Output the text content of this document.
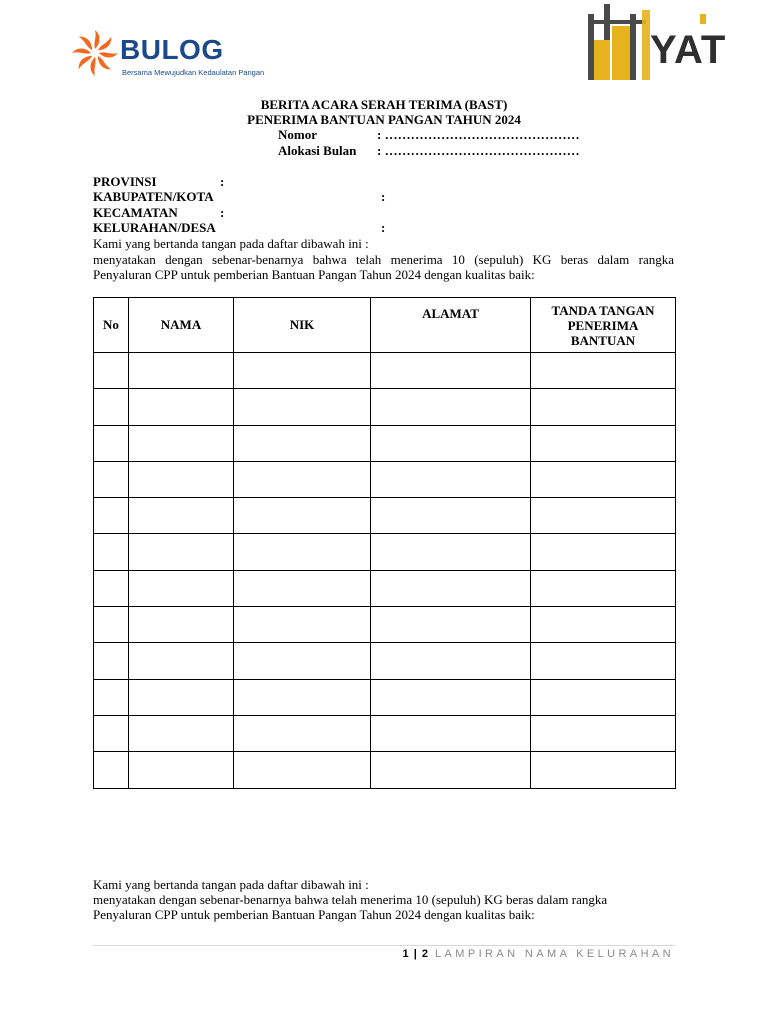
BULOG
Bersama Mewujudkan Kedaulatan Pangan
YAT
BERITA ACARA SERAH TERIMA (BAST)
PENERIMA BANTUAN PANGAN TAHUN 2024
Nomor	: ………………………………………
Alokasi Bulan : ………………………………………
PROVINSI	:
KABUPATEN/KOTA	:
KECAMATAN	:
KELURAHAN/DESA	:
Kami yang bertanda tangan pada daftar dibawah ini :
menyatakan dengan sebenar-benarnya bahwa telah menerima 10 (sepuluh) KG beras dalam rangka
Penyaluran CPP untuk pemberian Bantuan Pangan Tahun 2024 dengan kualitas baik:
No	NAMA	NIK	ALAMAT	TANDA TANGAN PENERIMA BANTUAN

Kami yang bertanda tangan pada daftar dibawah ini :
menyatakan dengan sebenar-benarnya bahwa telah menerima 10 (sepuluh) KG beras dalam rangka
Penyaluran CPP untuk pemberian Bantuan Pangan Tahun 2024 dengan kualitas baik:
1 | 2 LAMPIRAN NAMA KELURAHAN
